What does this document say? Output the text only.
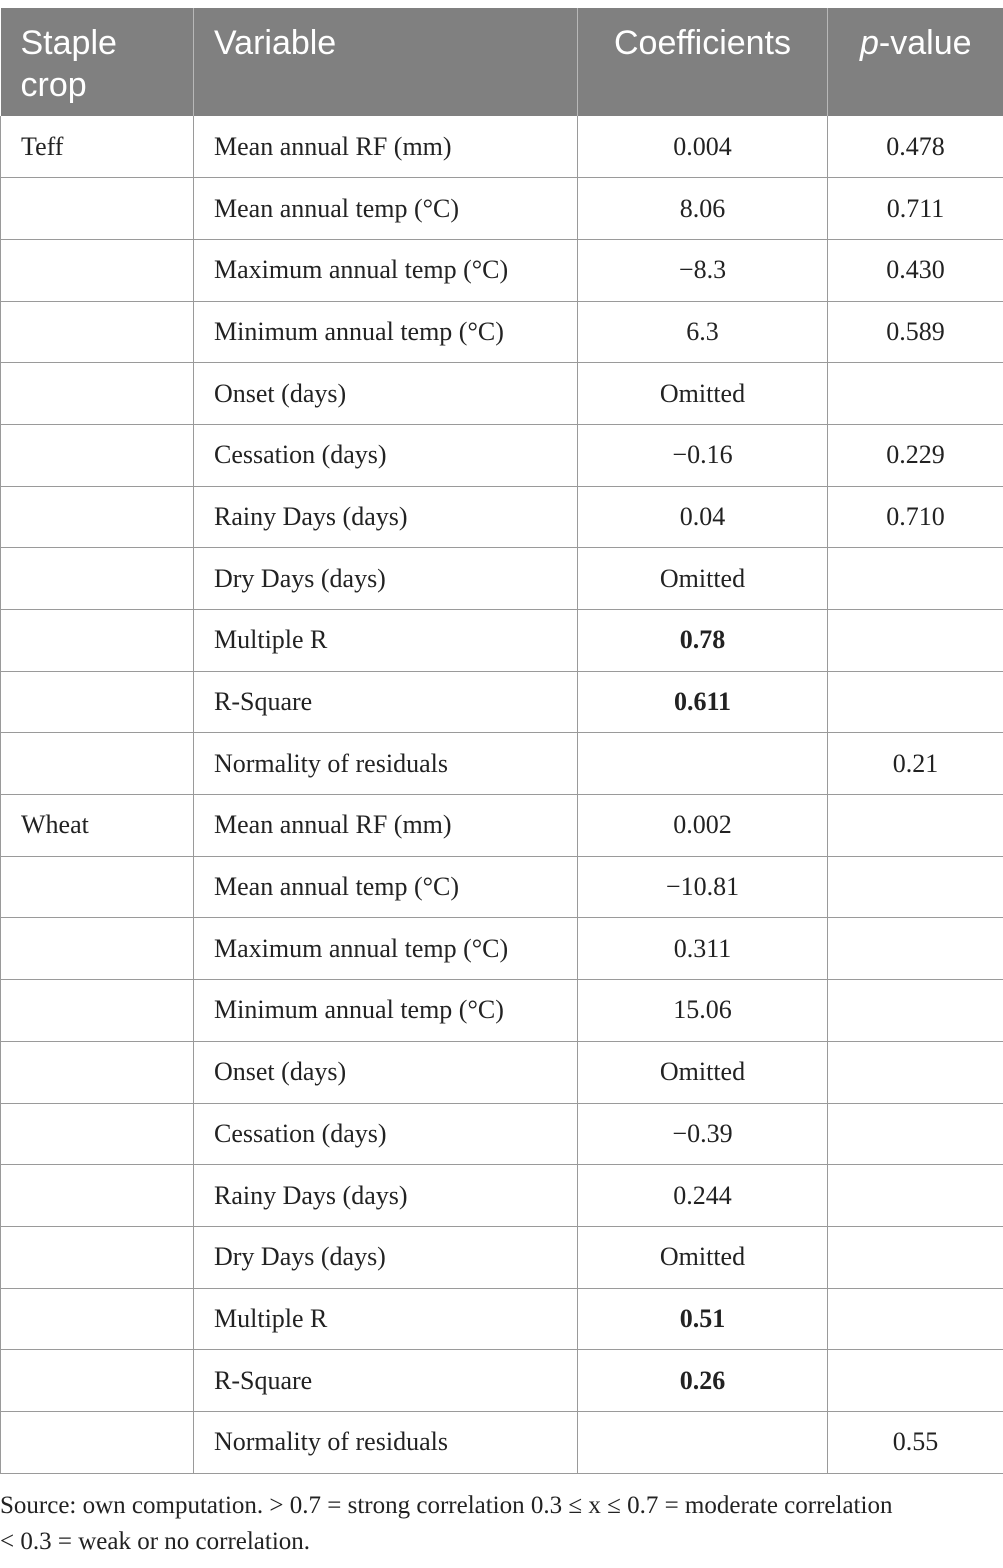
Staple
crop	Variable	Coefficients	p-value
Teff	Mean annual RF (mm)	0.004	0.478
	Mean annual temp (°C)	8.06	0.711
	Maximum annual temp (°C)	−8.3	0.430
	Minimum annual temp (°C)	6.3	0.589
	Onset (days)	Omitted	
	Cessation (days)	−0.16	0.229
	Rainy Days (days)	0.04	0.710
	Dry Days (days)	Omitted	
	Multiple R	0.78	
	R-Square	0.611	
	Normality of residuals		0.21
Wheat	Mean annual RF (mm)	0.002	
	Mean annual temp (°C)	−10.81	
	Maximum annual temp (°C)	0.311	
	Minimum annual temp (°C)	15.06	
	Onset (days)	Omitted	
	Cessation (days)	−0.39	
	Rainy Days (days)	0.244	
	Dry Days (days)	Omitted	
	Multiple R	0.51	
	R-Square	0.26	
	Normality of residuals		0.55
Source: own computation. > 0.7 = strong correlation 0.3 ≤ x ≤ 0.7 = moderate correlation
< 0.3 = weak or no correlation.
